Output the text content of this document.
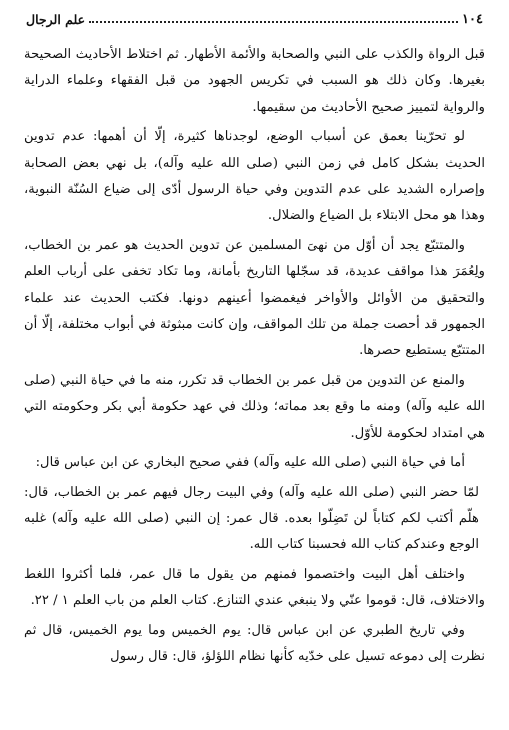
١٠٤
علم الرجال

قبل الرواة والكذب على النبي والصحابة والأئمة الأطهار. ثم اختلاط الأحاديث الصحيحة بغيرها. وكان ذلك هو السبب في تكريس الجهود من قبل الفقهاء وعلماء الدراية والرواية لتمييز صحيح الأحاديث من سقيمها.

لو تحرّينا بعمق عن أسباب الوضع، لوجدناها كثيرة، إلّا أن أهمها: عدم تدوين الحديث بشكل كامل في زمن النبي (صلى الله عليه وآله)، بل نهي بعض الصحابة وإصراره الشديد على عدم التدوين وفي حياة الرسول أدّى إلى ضياع السُنّة النبوية، وهذا هو محل الابتلاء بل الضياع والضلال.

والمتتبّع يجد أن أوّل من نهىَ المسلمين عن تدوين الحديث هو عمر بن الخطاب، ولِعُمَرَ هذا مواقف عديدة، قد سجّلها التاريخ بأمانة، وما تكاد تخفى على أرباب العلم والتحقيق من الأوائل والأواخر فيغمضوا أعينهم دونها. فكتب الحديث عند علماء الجمهور قد أحصت جملة من تلك المواقف، وإن كانت مبثوثة في أبواب مختلفة، إلّا أن المتتبّع يستطيع حصرها.

والمنع عن التدوين من قبل عمر بن الخطاب قد تكرر، منه ما في حياة النبي (صلى الله عليه وآله) ومنه ما وقع بعد مماته؛ وذلك في عهد حكومة أبي بكر وحكومته التي هي امتداد لحكومة للأوّل.

أما في حياة النبي (صلى الله عليه وآله) ففي صحيح البخاري عن ابن عباس قال:

لمّا حضر النبي (صلى الله عليه وآله) وفي البيت رجال فيهم عمر بن الخطاب، قال: هلّم أكتب لكم كتاباً لن تَضِلّوا بعده. قال عمر: إن النبي (صلى الله عليه وآله) غلبه الوجع وعندكم كتاب الله فحسبنا كتاب الله.

واختلف أهل البيت واختصموا فمنهم من يقول ما قال عمر، فلما أكثروا اللغط والاختلاف، قال: قوموا عنّي ولا ينبغي عندي التنازع. كتاب العلم من باب العلم ١ / ٢٢.

وفي تاريخ الطبري عن ابن عباس قال: يوم الخميس وما يوم الخميس، قال ثم نظرت إلى دموعه تسيل على خدّيه كأنها نظام اللؤلؤ، قال: قال رسول
